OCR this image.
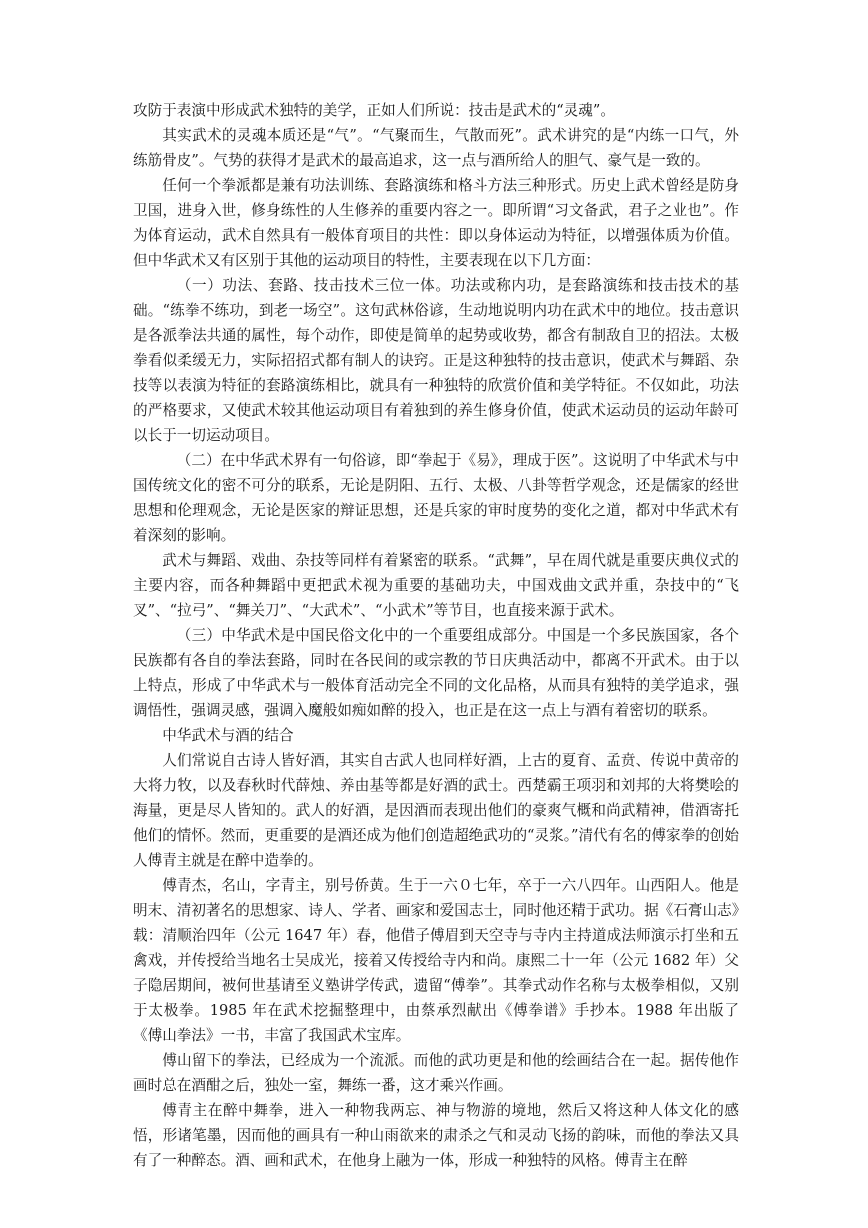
攻防于表演中形成武术独特的美学，正如人们所说：技击是武术的“灵魂”。

其实武术的灵魂本质还是“气”。“气聚而生，气散而死”。武术讲究的是“内练一口气，外练筋骨皮”。气势的获得才是武术的最高追求，这一点与酒所给人的胆气、豪气是一致的。

任何一个拳派都是兼有功法训练、套路演练和格斗方法三种形式。历史上武术曾经是防身卫国，进身入世，修身练性的人生修养的重要内容之一。即所谓“习文备武，君子之业也”。作为体育运动，武术自然具有一般体育项目的共性：即以身体运动为特征，以增强体质为价值。但中华武术又有区别于其他的运动项目的特性，主要表现在以下几方面：

（一）功法、套路、技击技术三位一体。功法或称内功，是套路演练和技击技术的基础。“练拳不练功，到老一场空”。这句武林俗谚，生动地说明内功在武术中的地位。技击意识是各派拳法共通的属性，每个动作，即使是简单的起势或收势，都含有制敌自卫的招法。太极拳看似柔缓无力，实际招招式都有制人的诀窍。正是这种独特的技击意识，使武术与舞蹈、杂技等以表演为特征的套路演练相比，就具有一种独特的欣赏价值和美学特征。不仅如此，功法的严格要求，又使武术较其他运动项目有着独到的养生修身价值，使武术运动员的运动年龄可以长于一切运动项目。

（二）在中华武术界有一句俗谚，即“拳起于《易》，理成于医”。这说明了中华武术与中国传统文化的密不可分的联系，无论是阴阳、五行、太极、八卦等哲学观念，还是儒家的经世思想和伦理观念，无论是医家的辩证思想，还是兵家的审时度势的变化之道，都对中华武术有着深刻的影响。

武术与舞蹈、戏曲、杂技等同样有着紧密的联系。“武舞”，早在周代就是重要庆典仪式的主要内容，而各种舞蹈中更把武术视为重要的基础功夫，中国戏曲文武并重，杂技中的“飞叉”、“拉弓”、“舞关刀”、“大武术”、“小武术”等节目，也直接来源于武术。

（三）中华武术是中国民俗文化中的一个重要组成部分。中国是一个多民族国家，各个民族都有各自的拳法套路，同时在各民间的或宗教的节日庆典活动中，都离不开武术。由于以上特点，形成了中华武术与一般体育活动完全不同的文化品格，从而具有独特的美学追求，强调悟性，强调灵感，强调入魔般如痴如醉的投入，也正是在这一点上与酒有着密切的联系。

中华武术与酒的结合

人们常说自古诗人皆好酒，其实自古武人也同样好酒，上古的夏育、孟贲、传说中黄帝的大将力牧，以及春秋时代薛烛、养由基等都是好酒的武士。西楚霸王项羽和刘邦的大将樊哙的海量，更是尽人皆知的。武人的好酒，是因酒而表现出他们的豪爽气概和尚武精神，借酒寄托他们的情怀。然而，更重要的是酒还成为他们创造超绝武功的“灵浆。”清代有名的傅家拳的创始人傅青主就是在醉中造拳的。

傅青杰，名山，字青主，别号侨黄。生于一六０七年，卒于一六八四年。山西阳人。他是明末、清初著名的思想家、诗人、学者、画家和爱国志士，同时他还精于武功。据《石膏山志》载：清顺治四年（公元 1647 年）春，他借子傅眉到天空寺与寺内主持道成法师演示打坐和五禽戏，并传授给当地名士吴成光，接着又传授给寺内和尚。康熙二十一年（公元 1682 年）父子隐居期间，被何世基请至义塾讲学传武，遗留“傅拳”。其拳式动作名称与太极拳相似，又别于太极拳。1985 年在武术挖掘整理中，由蔡承烈献出《傅拳谱》手抄本。1988 年出版了《傅山拳法》一书，丰富了我国武术宝库。

傅山留下的拳法，已经成为一个流派。而他的武功更是和他的绘画结合在一起。据传他作画时总在酒酣之后，独处一室，舞练一番，这才乘兴作画。

傅青主在醉中舞拳，进入一种物我两忘、神与物游的境地，然后又将这种人体文化的感悟，形诸笔墨，因而他的画具有一种山雨欲来的肃杀之气和灵动飞扬的韵味，而他的拳法又具有了一种醉态。酒、画和武术，在他身上融为一体，形成一种独特的风格。傅青主在醉
